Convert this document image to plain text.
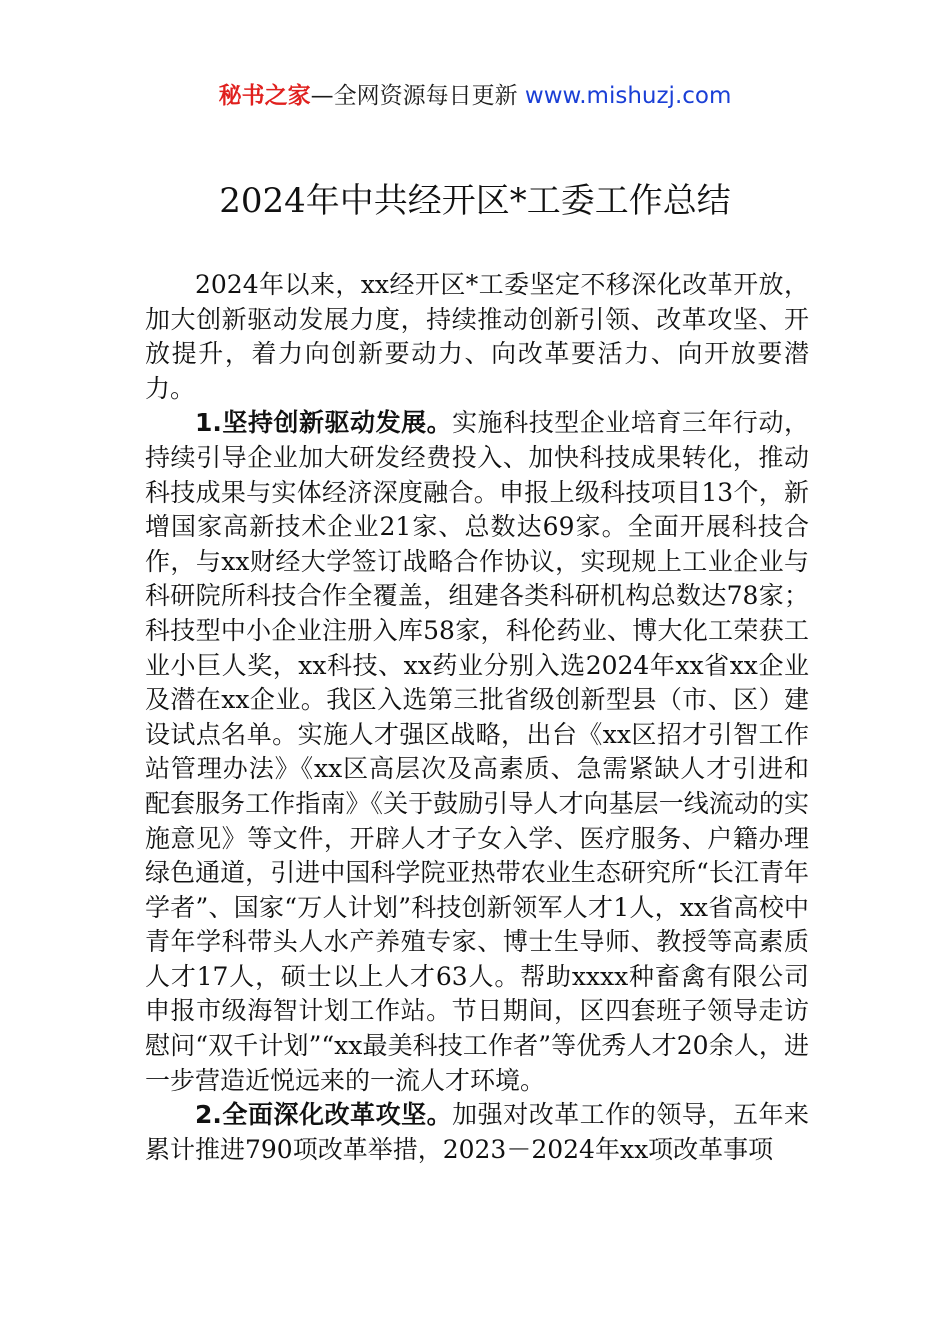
秘书之家—全网资源每日更新 www.mishuzj.com
2024年中共经开区*工委工作总结

2024年以来，xx经开区*工委坚定不移深化改革开放，加大创新驱动发展力度，持续推动创新引领、改革攻坚、开放提升，着力向创新要动力、向改革要活力、向开放要潜力。

1.坚持创新驱动发展。实施科技型企业培育三年行动，持续引导企业加大研发经费投入、加快科技成果转化，推动科技成果与实体经济深度融合。申报上级科技项目13个，新增国家高新技术企业21家、总数达69家。全面开展科技合作，与xx财经大学签订战略合作协议，实现规上工业企业与科研院所科技合作全覆盖，组建各类科研机构总数达78家；科技型中小企业注册入库58家，科伦药业、博大化工荣获工业小巨人奖，xx科技、xx药业分别入选2024年xx省xx企业及潜在xx企业。我区入选第三批省级创新型县（市、区）建设试点名单。实施人才强区战略，出台《xx区招才引智工作站管理办法》《xx区高层次及高素质、急需紧缺人才引进和配套服务工作指南》《关于鼓励引导人才向基层一线流动的实施意见》等文件，开辟人才子女入学、医疗服务、户籍办理绿色通道，引进中国科学院亚热带农业生态研究所“长江青年学者”、国家“万人计划”科技创新领军人才1人，xx省高校中青年学科带头人水产养殖专家、博士生导师、教授等高素质人才17人，硕士以上人才63人。帮助xxxx种畜禽有限公司申报市级海智计划工作站。节日期间，区四套班子领导走访慰问“双千计划”“xx最美科技工作者”等优秀人才20余人，进一步营造近悦远来的一流人才环境。

2.全面深化改革攻坚。加强对改革工作的领导，五年来累计推进790项改革举措，2023－2024年xx项改革事项
